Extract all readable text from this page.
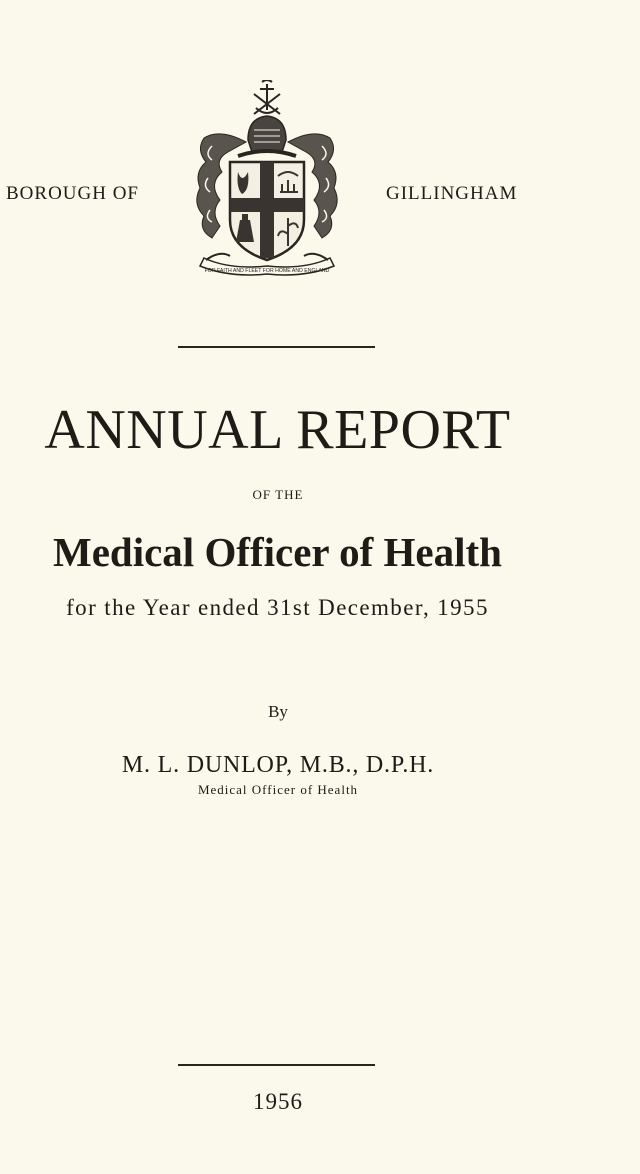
BOROUGH OF	GILLINGHAM
FOR FAITH AND FLEET FOR HOME AND ENGLAND
ANNUAL REPORT
OF THE
Medical Officer of Health
for the Year ended 31st December, 1955
By
M. L. DUNLOP, M.B., D.P.H.
Medical Officer of Health
1956
